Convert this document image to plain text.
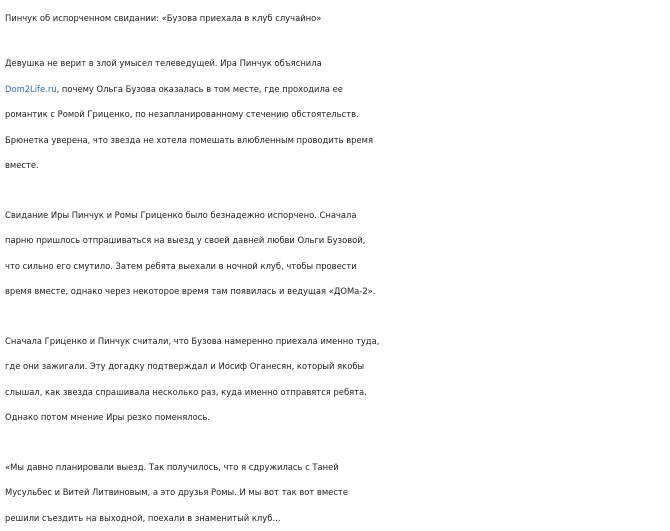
Пинчук об испорченном свидании: «Бузова приехала в клуб случайно»

Девушка не верит в злой умысел телеведущей. Ира Пинчук объяснила
Dom2Life.ru, почему Ольга Бузова оказалась в том месте, где проходила ее
романтик с Ромой Гриценко, по незапланированному стечению обстоятельств.
Брюнетка уверена, что звезда не хотела помешать влюбленным проводить время
вместе.

Свидание Иры Пинчук и Ромы Гриценко было безнадежно испорчено. Сначала
парню пришлось отпрашиваться на выезд у своей давней любви Ольги Бузовой,
что сильно его смутило. Затем ребята выехали в ночной клуб, чтобы провести
время вместе, однако через некоторое время там появилась и ведущая «ДОМа-2».

Сначала Гриценко и Пинчук считали, что Бузова намеренно приехала именно туда,
где они зажигали. Эту догадку подтверждал и Иосиф Оганесян, который якобы
слышал, как звезда спрашивала несколько раз, куда именно отправятся ребята.
Однако потом мнение Иры резко поменялось.

«Мы давно планировали выезд. Так получилось, что я сдружилась с Таней
Мусульбес и Витей Литвиновым, а это друзья Ромы. И мы вот так вот вместе
решили съездить на выходной, поехали в знаменитый клуб…
